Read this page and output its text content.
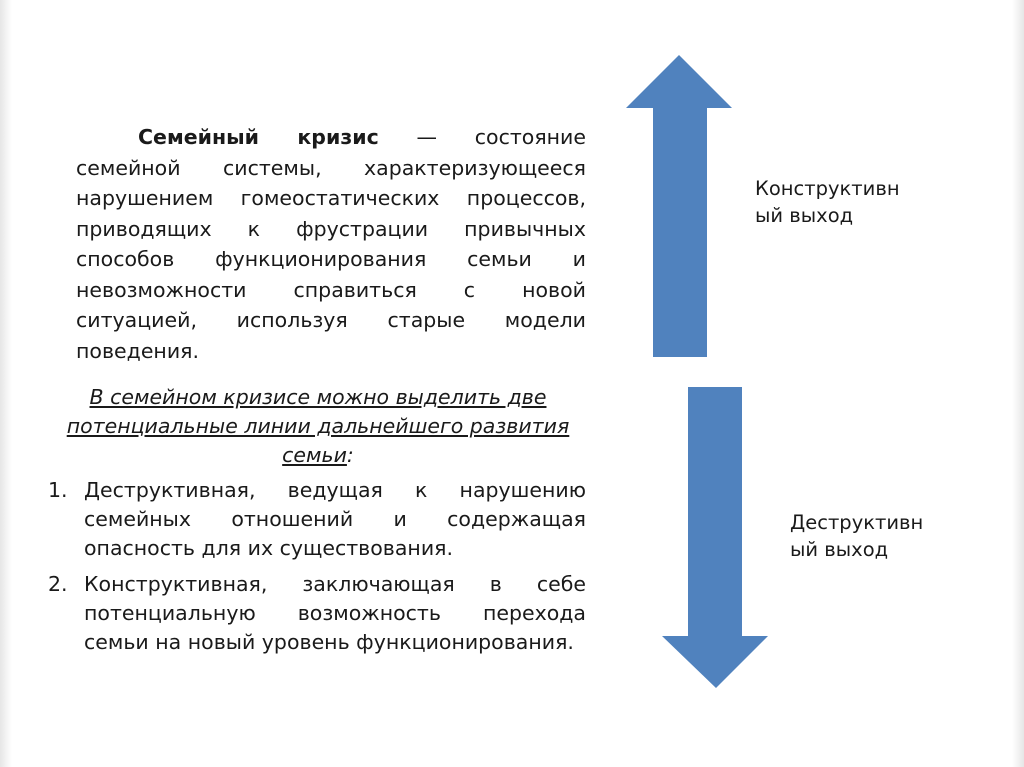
Семейный кризис — состояние семейной системы, характеризующееся нарушением гомеостатических процессов, приводящих к фрустрации привычных способов функционирования семьи и невозможности справиться с новой ситуацией, используя старые модели поведения.

В семейном кризисе можно выделить две потенциальные линии дальнейшего развития семьи:

1. Деструктивная, ведущая к нарушению семейных отношений и содержащая опасность для их существования.
2. Конструктивная, заключающая в себе потенциальную возможность перехода семьи на новый уровень функционирования.

Конструктивн
ый выход

Деструктивн
ый выход
